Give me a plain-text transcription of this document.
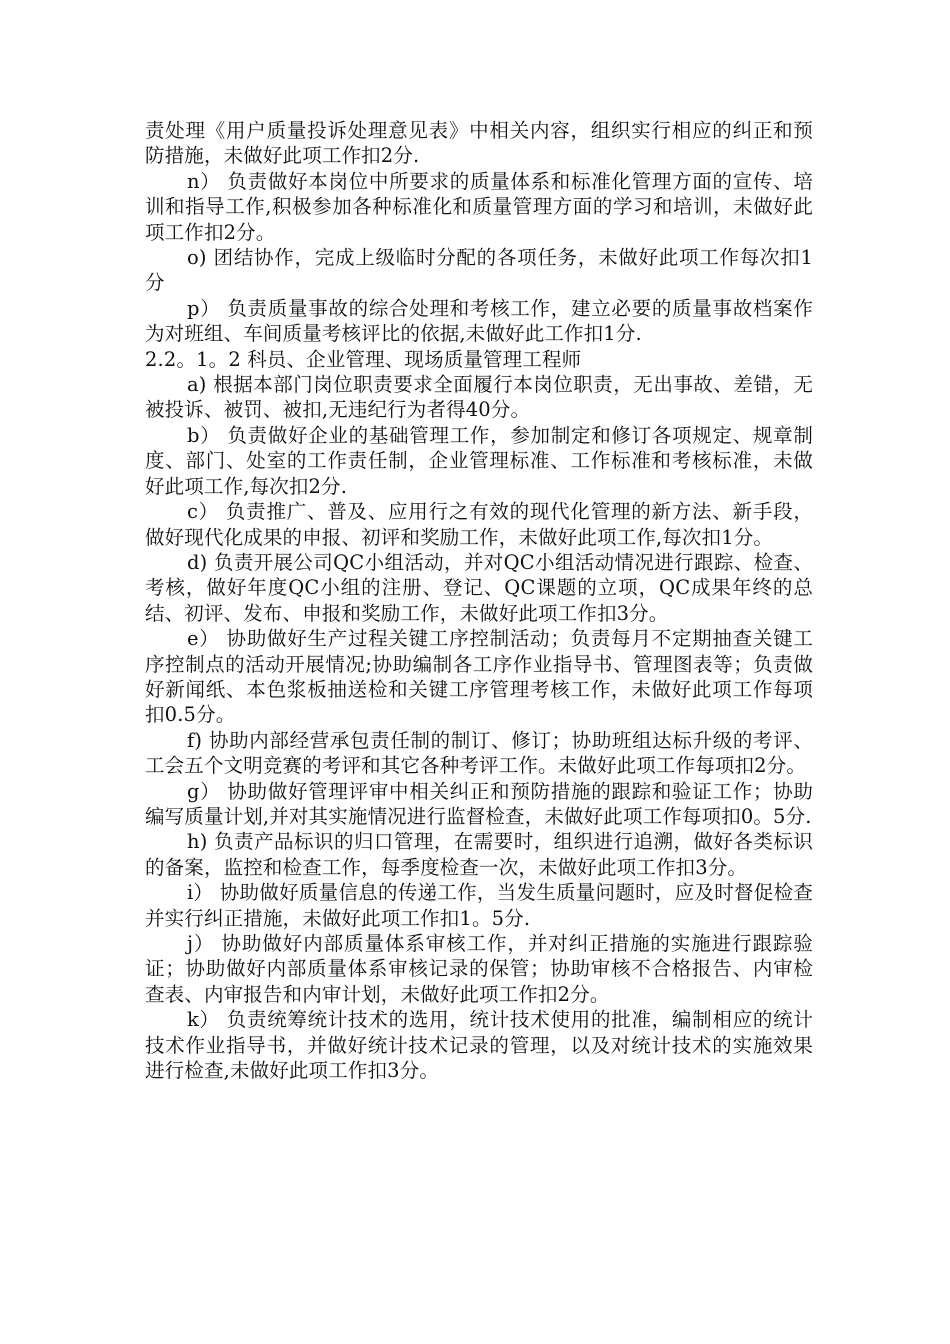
责处理《用户质量投诉处理意见表》中相关内容，组织实行相应的纠正和预防措施，未做好此项工作扣2分.

n） 负责做好本岗位中所要求的质量体系和标准化管理方面的宣传、培训和指导工作,积极参加各种标准化和质量管理方面的学习和培训，未做好此项工作扣2分。

o) 团结协作，完成上级临时分配的各项任务，未做好此项工作每次扣1分

p） 负责质量事故的综合处理和考核工作，建立必要的质量事故档案作为对班组、车间质量考核评比的依据,未做好此工作扣1分.

2.2。1。2 科员、企业管理、现场质量管理工程师

a) 根据本部门岗位职责要求全面履行本岗位职责，无出事故、差错，无被投诉、被罚、被扣,无违纪行为者得40分。

b） 负责做好企业的基础管理工作，参加制定和修订各项规定、规章制度、部门、处室的工作责任制，企业管理标准、工作标准和考核标准，未做好此项工作,每次扣2分.

c） 负责推广、普及、应用行之有效的现代化管理的新方法、新手段，做好现代化成果的申报、初评和奖励工作，未做好此项工作,每次扣1分。

d) 负责开展公司QC小组活动，并对QC小组活动情况进行跟踪、检查、考核，做好年度QC小组的注册、登记、QC课题的立项，QC成果年终的总结、初评、发布、申报和奖励工作，未做好此项工作扣3分。

e） 协助做好生产过程关键工序控制活动；负责每月不定期抽查关键工序控制点的活动开展情况;协助编制各工序作业指导书、管理图表等；负责做好新闻纸、本色浆板抽送检和关键工序管理考核工作，未做好此项工作每项扣0.5分。

f) 协助内部经营承包责任制的制订、修订；协助班组达标升级的考评、工会五个文明竞赛的考评和其它各种考评工作。未做好此项工作每项扣2分。

g） 协助做好管理评审中相关纠正和预防措施的跟踪和验证工作；协助编写质量计划,并对其实施情况进行监督检查，未做好此项工作每项扣0。5分.

h) 负责产品标识的归口管理，在需要时，组织进行追溯，做好各类标识的备案，监控和检查工作，每季度检查一次，未做好此项工作扣3分。

i） 协助做好质量信息的传递工作，当发生质量问题时，应及时督促检查并实行纠正措施，未做好此项工作扣1。5分.

j） 协助做好内部质量体系审核工作，并对纠正措施的实施进行跟踪验证；协助做好内部质量体系审核记录的保管；协助审核不合格报告、内审检查表、内审报告和内审计划，未做好此项工作扣2分。

k） 负责统筹统计技术的选用，统计技术使用的批准，编制相应的统计技术作业指导书，并做好统计技术记录的管理，以及对统计技术的实施效果进行检查,未做好此项工作扣3分。
